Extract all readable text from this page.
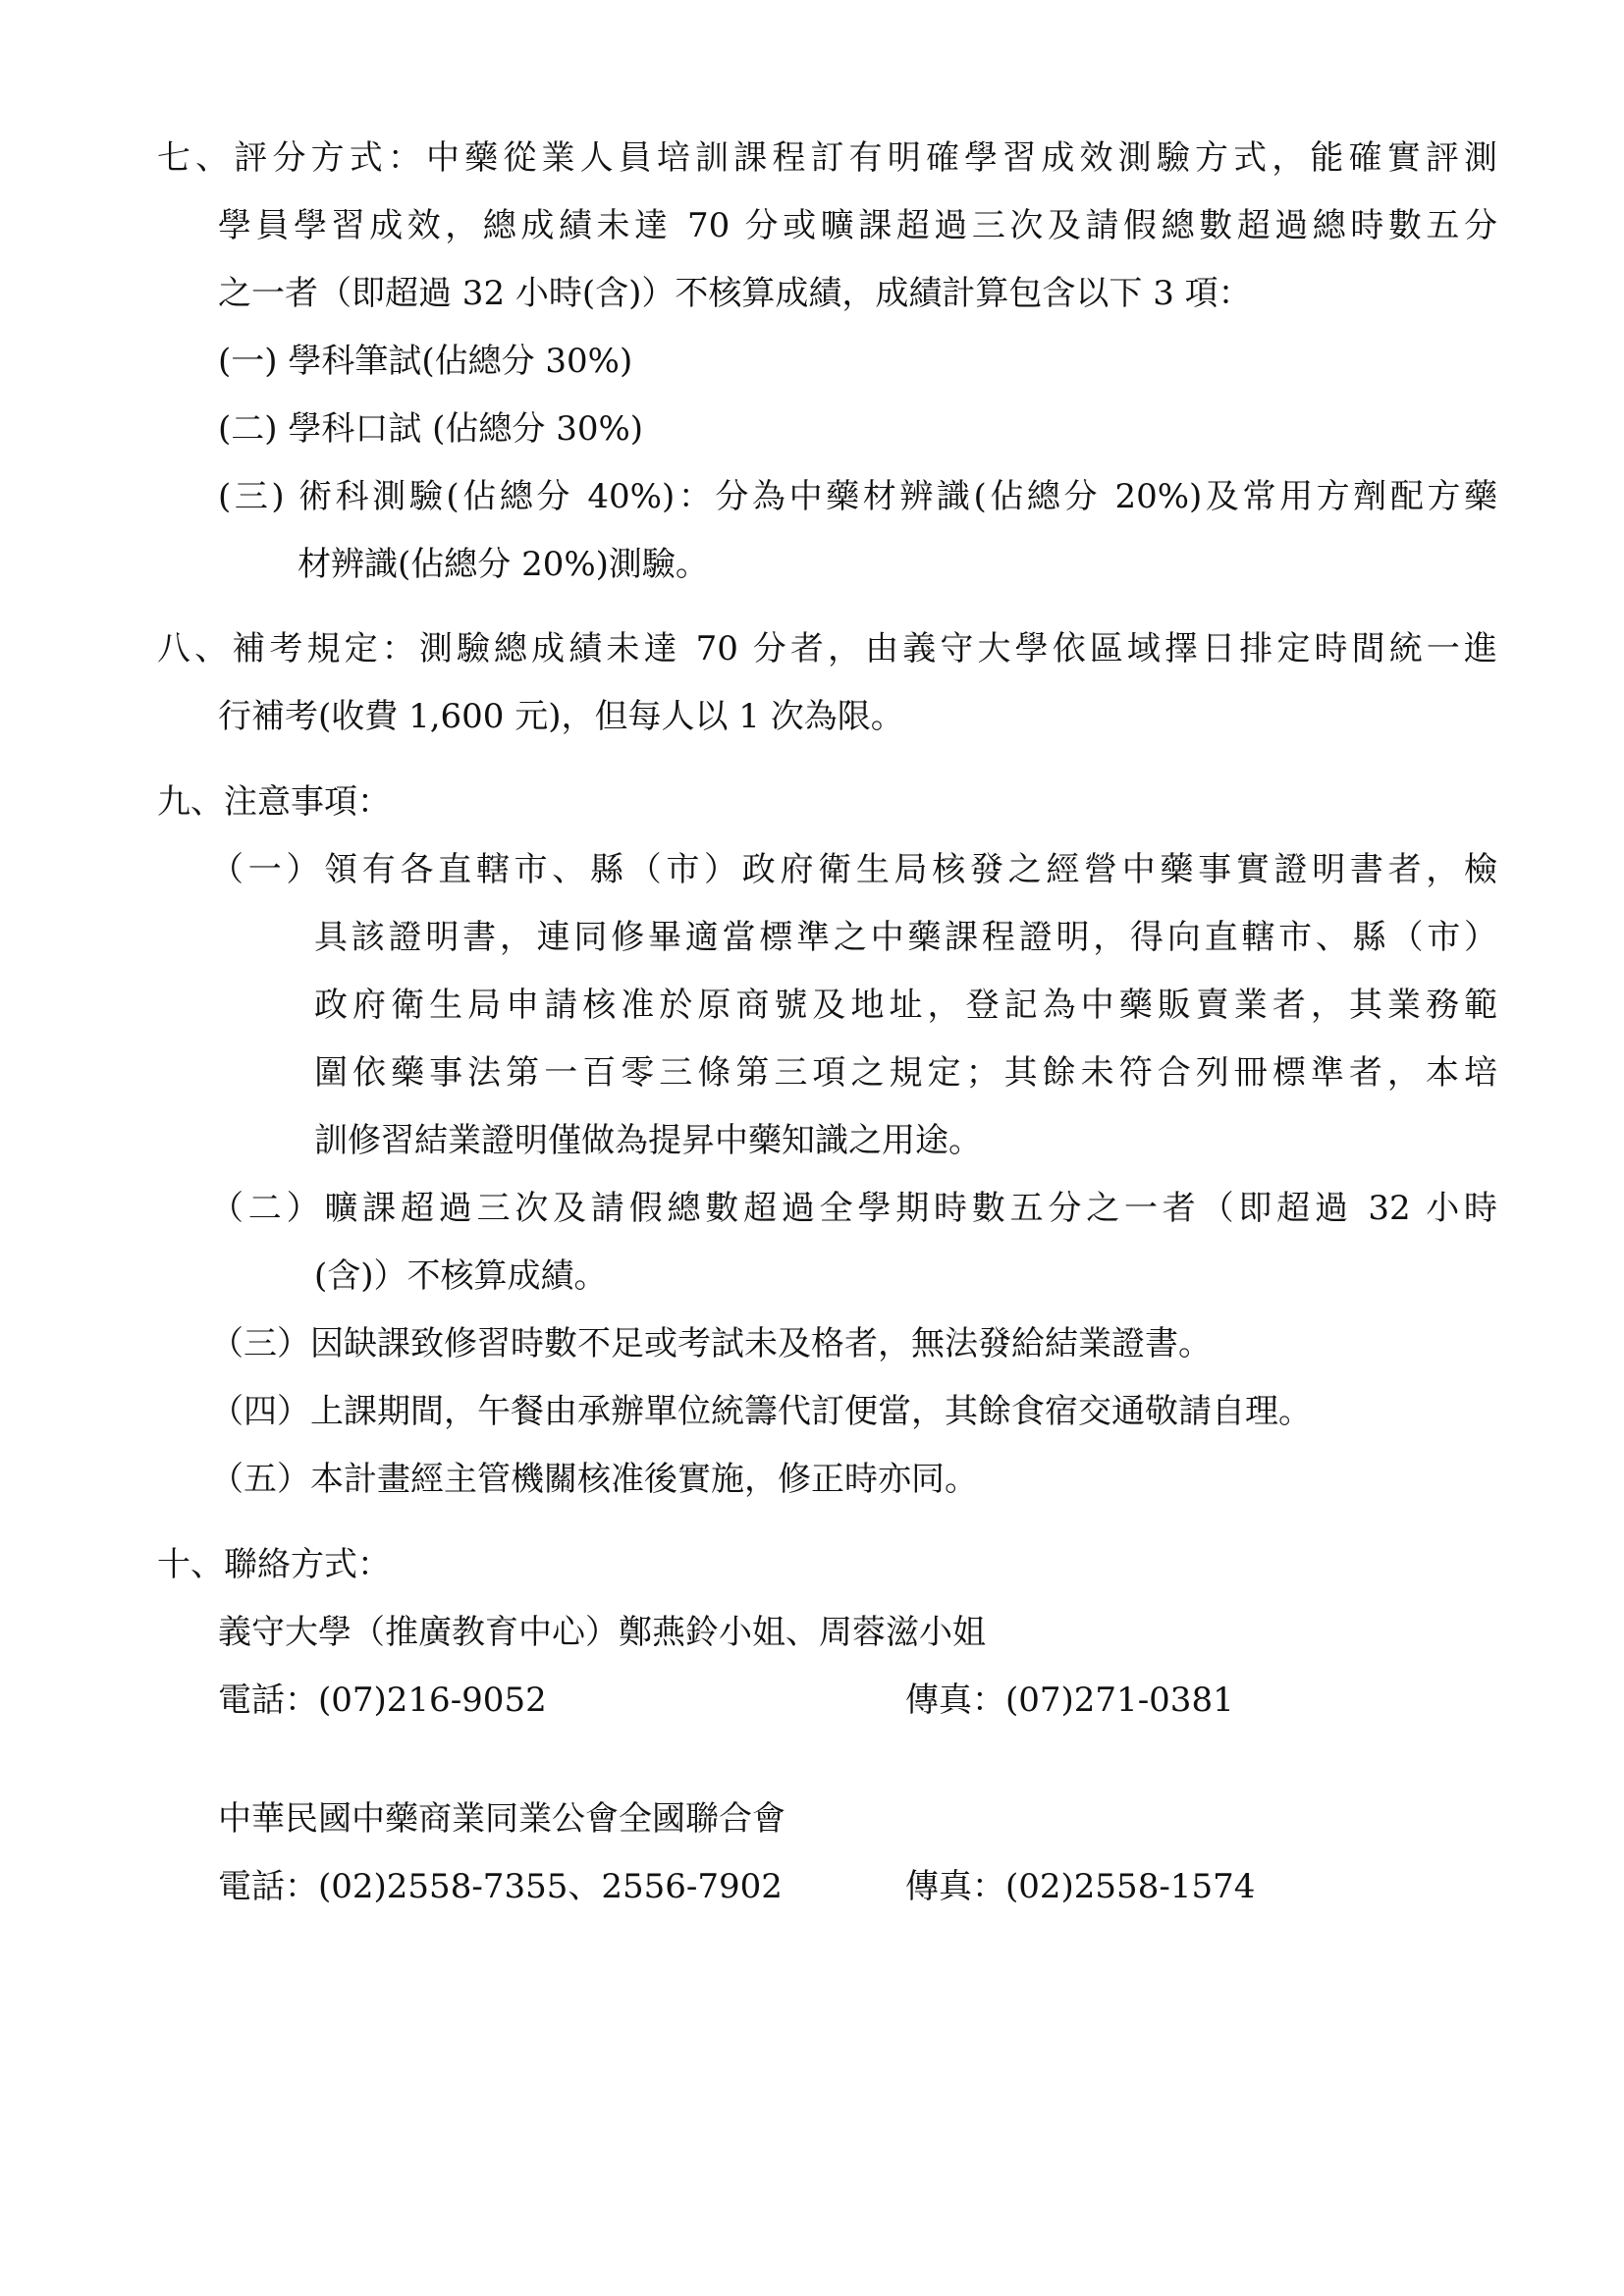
七、評分方式：中藥從業人員培訓課程訂有明確學習成效測驗方式，能確實評測
學員學習成效，總成績未達 70 分或曠課超過三次及請假總數超過總時數五分
之一者（即超過 32 小時(含)）不核算成績，成績計算包含以下 3 項：
(一) 學科筆試(佔總分 30%)
(二) 學科口試 (佔總分 30%)
(三) 術科測驗(佔總分 40%)：分為中藥材辨識(佔總分 20%)及常用方劑配方藥
材辨識(佔總分 20%)測驗。
八、補考規定：測驗總成績未達 70 分者，由義守大學依區域擇日排定時間統一進
行補考(收費 1,600 元)，但每人以 1 次為限。
九、注意事項：
（一）領有各直轄市、縣（市）政府衛生局核發之經營中藥事實證明書者，檢
具該證明書，連同修畢適當標準之中藥課程證明，得向直轄市、縣（市）
政府衛生局申請核准於原商號及地址，登記為中藥販賣業者，其業務範
圍依藥事法第一百零三條第三項之規定；其餘未符合列冊標準者，本培
訓修習結業證明僅做為提昇中藥知識之用途。
（二）曠課超過三次及請假總數超過全學期時數五分之一者（即超過 32 小時
(含)）不核算成績。
（三）因缺課致修習時數不足或考試未及格者，無法發給結業證書。
（四）上課期間，午餐由承辦單位統籌代訂便當，其餘食宿交通敬請自理。
（五）本計畫經主管機關核准後實施，修正時亦同。
十、聯絡方式：
義守大學（推廣教育中心）鄭燕鈴小姐、周蓉滋小姐
電話：(07)216-9052	傳真：(07)271-0381
中華民國中藥商業同業公會全國聯合會
電話：(02)2558-7355、2556-7902	傳真：(02)2558-1574
